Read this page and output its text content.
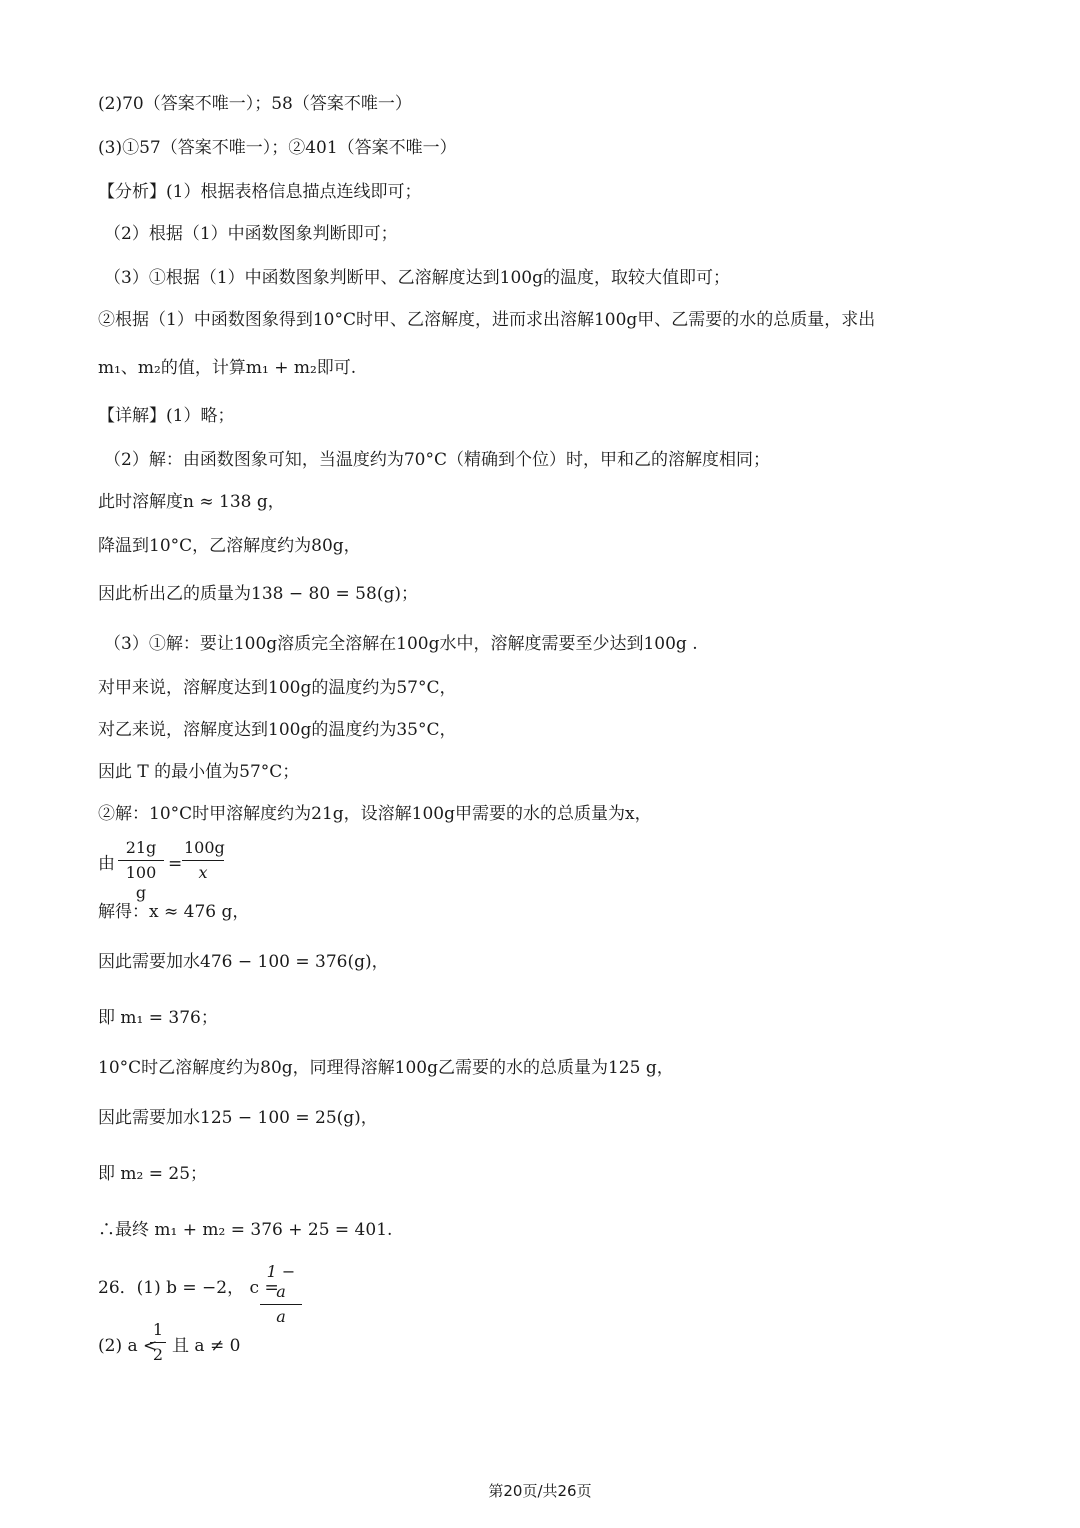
(2)70（答案不唯一）；58（答案不唯一）
(3)①57（答案不唯一）；②401（答案不唯一）
【分析】(1）根据表格信息描点连线即可；
（2）根据（1）中函数图象判断即可；
（3）①根据（1）中函数图象判断甲、乙溶解度达到100g的温度，取较大值即可；
②根据（1）中函数图象得到10°C时甲、乙溶解度，进而求出溶解100g甲、乙需要的水的总质量，求出
m₁、m₂的值，计算m₁ + m₂即可.
【详解】(1）略；
（2）解：由函数图象可知，当温度约为70°C（精确到个位）时，甲和乙的溶解度相同；
此时溶解度n ≈ 138 g，
降温到10°C，乙溶解度约为80g，
因此析出乙的质量为138 − 80 = 58(g)；
（3）①解：要让100g溶质完全溶解在100g水中，溶解度需要至少达到100g .
对甲来说，溶解度达到100g的温度约为57°C，
对乙来说，溶解度达到100g的温度约为35°C，
因此 T 的最小值为57°C；
②解：10°C时甲溶解度约为21g，设溶解100g甲需要的水的总质量为x，
由
21g
100 g
=
100g
x
解得：x ≈ 476 g，
因此需要加水476 − 100 = 376(g)，
即 m₁ = 376；
10°C时乙溶解度约为80g，同理得溶解100g乙需要的水的总质量为125 g，
因此需要加水125 − 100 = 25(g)，
即 m₂ = 25；
∴最终 m₁ + m₂ = 376 + 25 = 401.
26．(1) b = −2， c =
1 − a
a
(2) a <
1
2 且 a ≠ 0
第20页/共26页
